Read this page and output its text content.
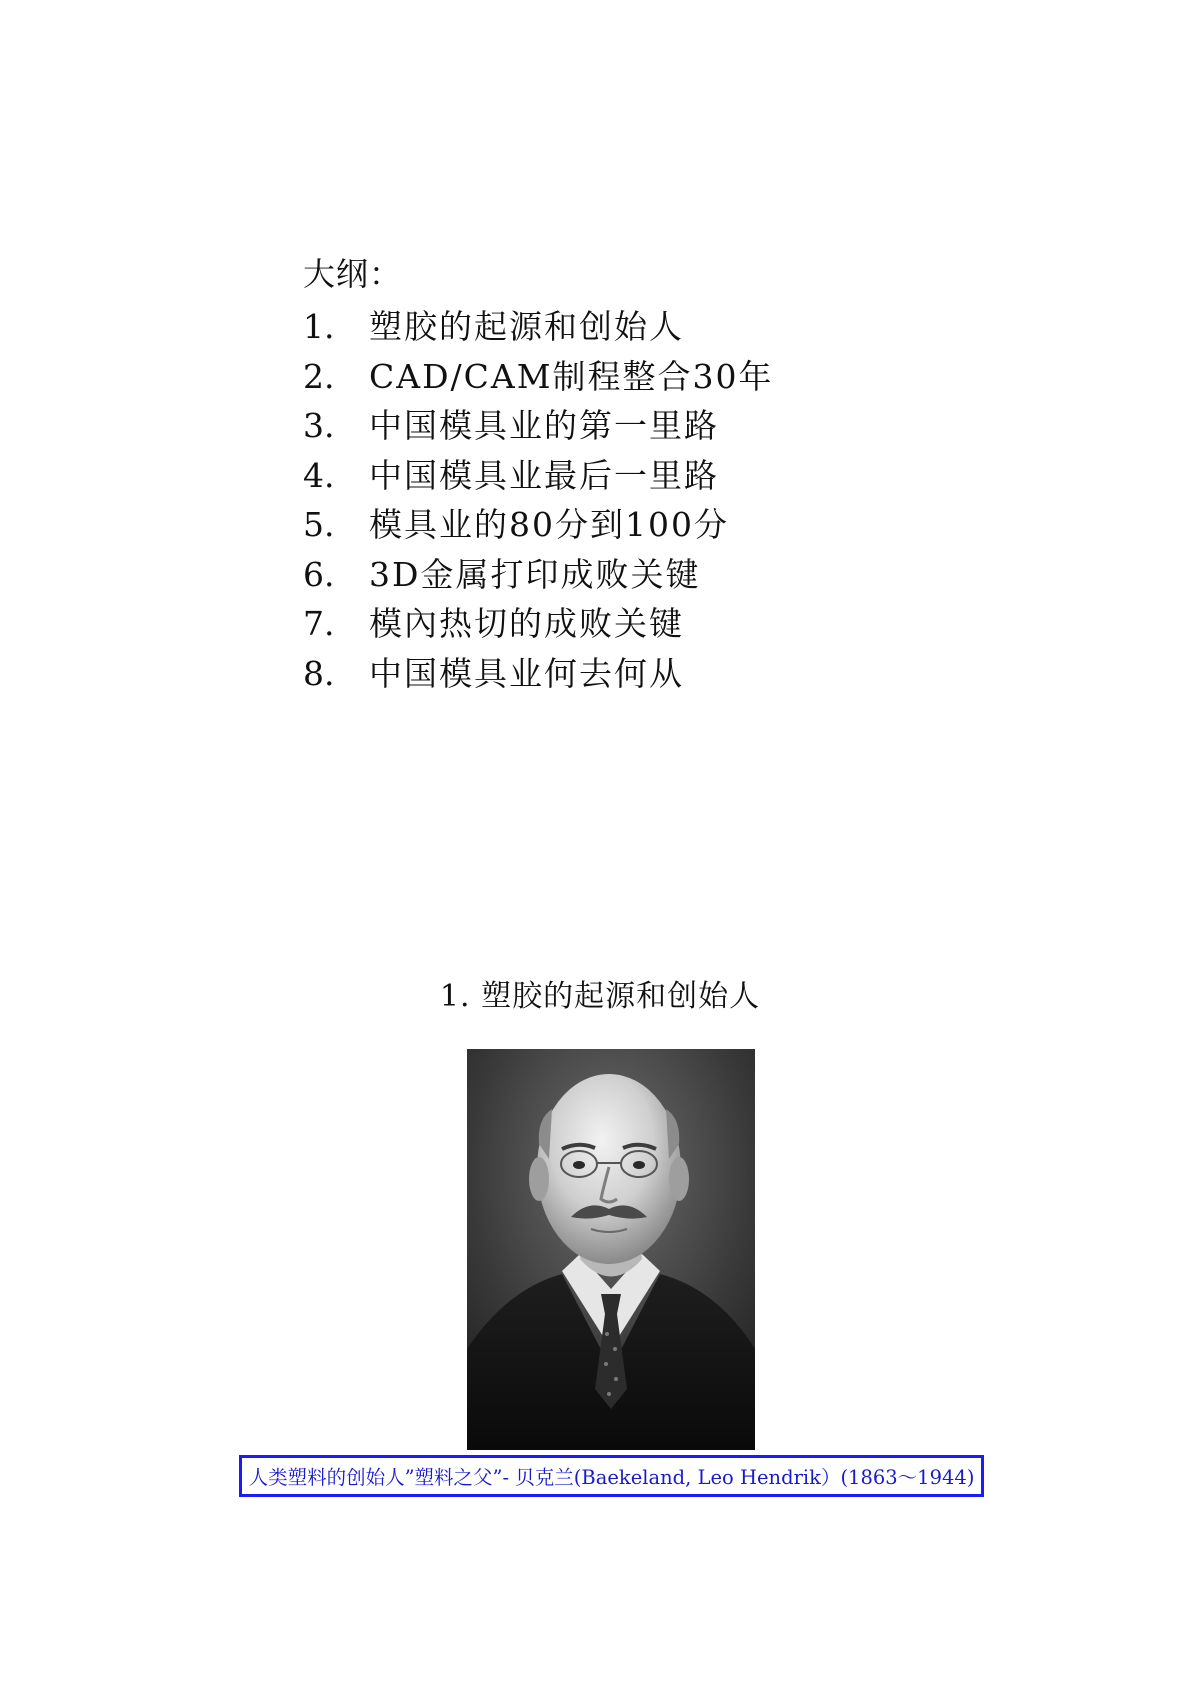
大纲：
1.	塑胶的起源和创始人
2.	CAD/CAM制程整合30年
3.	中国模具业的第一里路
4.	中国模具业最后一里路
5.	模具业的80分到100分
6.	3D金属打印成败关键
7.	模內热切的成败关键
8.	中国模具业何去何从
1. 塑胶的起源和创始人
人类塑料的创始人”塑料之父”- 贝克兰(Baekeland, Leo Hendrik）(1863～1944)
